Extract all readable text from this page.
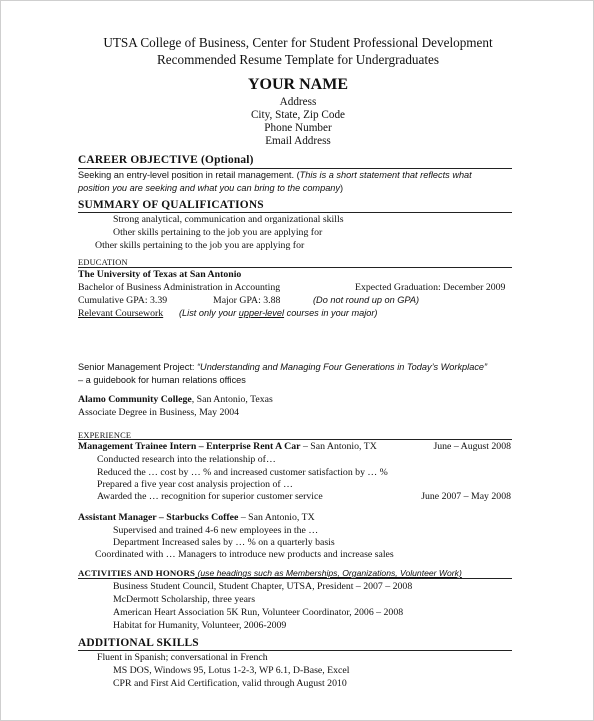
UTSA College of Business, Center for Student Professional Development
Recommended Resume Template for Undergraduates
YOUR NAME
Address
City, State, Zip Code
Phone Number
Email Address
CAREER OBJECTIVE (Optional)
Seeking an entry-level position in retail management. (This is a short statement that reflects what
position you are seeking and what you can bring to the company)
SUMMARY OF QUALIFICATIONS
Strong analytical, communication and organizational skills
Other skills pertaining to the job you are applying for
Other skills pertaining to the job you are applying for
EDUCATION
The University of Texas at San Antonio
Bachelor of Business Administration in Accounting	Expected Graduation: December 2009
Cumulative GPA: 3.39	Major GPA: 3.88	(Do not round up on GPA)
Relevant Coursework (List only your upper-level courses in your major)
Senior Management Project: “Understanding and Managing Four Generations in Today’s Workplace”
– a guidebook for human relations offices
Alamo Community College, San Antonio, Texas
Associate Degree in Business, May 2004
EXPERIENCE
Management Trainee Intern – Enterprise Rent A Car – San Antonio, TX	June – August 2008
Conducted research into the relationship of…
Reduced the … cost by … % and increased customer satisfaction by … %
Prepared a five year cost analysis projection of …
Awarded the … recognition for superior customer service	June 2007 – May 2008
Assistant Manager – Starbucks Coffee – San Antonio, TX
Supervised and trained 4-6 new employees in the …
Department Increased sales by … % on a quarterly basis
Coordinated with … Managers to introduce new products and increase sales
ACTIVITIES AND HONORS (use headings such as Memberships, Organizations, Volunteer Work)
Business Student Council, Student Chapter, UTSA, President – 2007 – 2008
McDermott Scholarship, three years
American Heart Association 5K Run, Volunteer Coordinator, 2006 – 2008
Habitat for Humanity, Volunteer, 2006-2009
ADDITIONAL SKILLS
Fluent in Spanish; conversational in French
MS DOS, Windows 95, Lotus 1-2-3, WP 6.1, D-Base, Excel
CPR and First Aid Certification, valid through August 2010
